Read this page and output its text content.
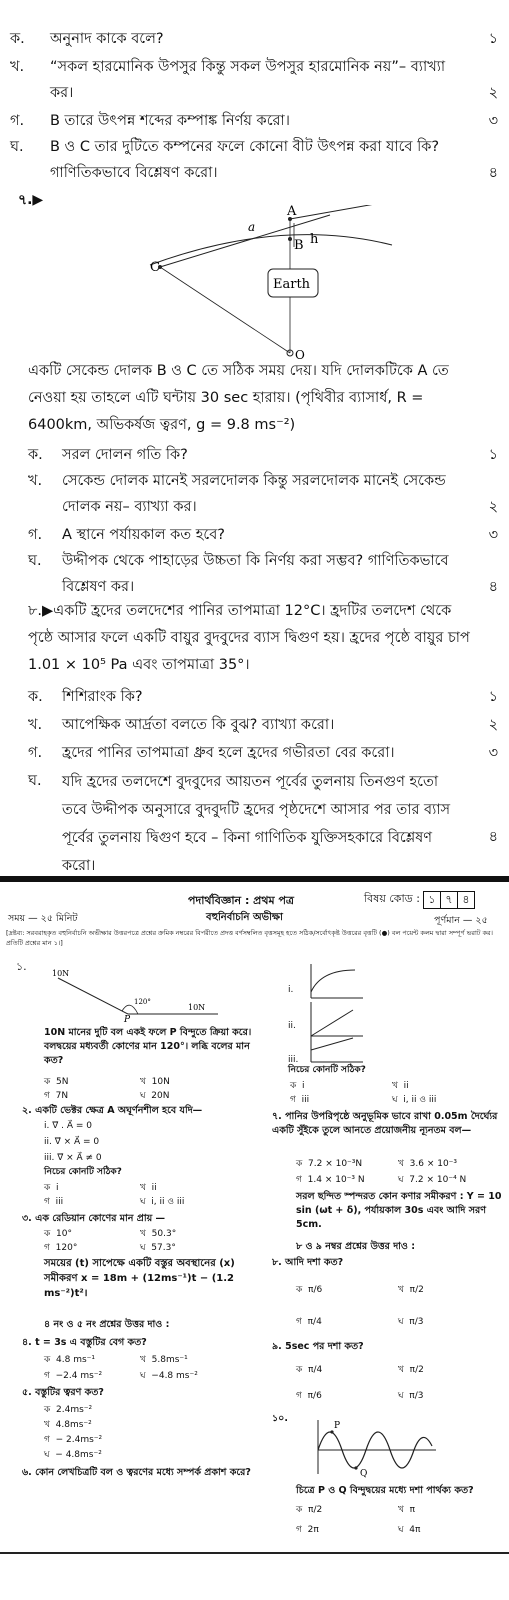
ক.	অনুনাদ কাকে বলে?	১
খ.	“সকল হারমোনিক উপসুর কিন্তু সকল উপসুর হারমোনিক নয়”– ব্যাখ্যা কর।	২
গ.	B তারে উৎপন্ন শব্দের কম্পাঙ্ক নির্ণয় করো।	৩
ঘ.	B ও C তার দুটিতে কম্পনের ফলে কোনো বীট উৎপন্ন করা যাবে কি? গাণিতিকভাবে বিশ্লেষণ করো।	৪
৭.▶
Earth
A
B
C
a
h
O
একটি সেকেন্ড দোলক B ও C তে সঠিক সময় দেয়। যদি দোলকটিকে A তে নেওয়া হয় তাহলে এটি ঘন্টায় 30 sec হারায়। (পৃথিবীর ব্যাসার্ধ, R = 6400km, অভিকর্ষজ ত্বরণ, g = 9.8 ms⁻²)
ক.	সরল দোলন গতি কি?	১
খ.	সেকেন্ড দোলক মানেই সরলদোলক কিন্তু সরলদোলক মানেই সেকেন্ড দোলক নয়– ব্যাখ্যা কর।	২
গ.	A স্থানে পর্যায়কাল কত হবে?	৩
ঘ.	উদ্দীপক থেকে পাহাড়ের উচ্চতা কি নির্ণয় করা সম্ভব? গাণিতিকভাবে বিশ্লেষণ কর।	৪
৮.▶একটি হ্রদের তলদেশের পানির তাপমাত্রা 12°C। হ্রদটির তলদেশ থেকে পৃষ্ঠে আসার ফলে একটি বায়ুর বুদবুদের ব্যাস দ্বিগুণ হয়। হ্রদের পৃষ্ঠে বায়ুর চাপ 1.01 × 10⁵ Pa এবং তাপমাত্রা 35°।
ক.	শিশিরাংক কি?	১
খ.	আপেক্ষিক আর্দ্রতা বলতে কি বুঝ? ব্যাখ্যা করো।	২
গ.	হ্রদের পানির তাপমাত্রা ধ্রুব হলে হ্রদের গভীরতা বের করো।	৩
ঘ.	যদি হ্রদের তলদেশে বুদবুদের আয়তন পূর্বের তুলনায় তিনগুণ হতো তবে উদ্দীপক অনুসারে বুদবুদটি হ্রদের পৃষ্ঠদেশে আসার পর তার ব্যাস পূর্বের তুলনায় দ্বিগুণ হবে – কিনা গাণিতিক যুক্তিসহকারে বিশ্লেষণ করো।
৪
পদার্থবিজ্ঞান : প্রথম পত্র	বিষয় কোড : ১ ৭ ৪
বহুনির্বাচনি অভীক্ষা
সময় — ২৫ মিনিট	পূর্ণমান — ২৫
[দ্রষ্টব্য: সরবরাহকৃত বহুনির্বাচনি অভীক্ষার উত্তরপত্রে প্রশ্নের ক্রমিক নম্বরের বিপরীতে প্রদত্ত বর্ণসম্বলিত বৃত্তসমূহ হতে সঠিক/সর্বোৎকৃষ্ট উত্তরের বৃত্তটি (●) বল পয়েন্ট কলম দ্বারা সম্পূর্ণ ভরাট কর। প্রতিটি প্রশ্নের মান ১।]
১.
10N
10N
120°
P
10N মানের দুটি বল একই ফলে P বিন্দুতে ক্রিয়া করে। বলদ্বয়ের মধ্যবর্তী কোণের মান 120°। লব্ধি বলের মান কত?
ক 5N	খ 10N
গ 7N	ঘ 20N
২. একটি ভেক্টর ক্ষেত্র A অঘূর্ণনশীল হবে যদি—
i. ∇⃗ . A⃗ = 0
ii. ∇⃗ × A⃗ = 0
iii. ∇⃗ × A⃗ ≠ 0
নিচের কোনটি সঠিক?
ক i	খ ii
গ iii	ঘ i, ii ও iii
৩. এক রেডিয়ান কোণের মান প্রায় —
ক 10°	খ 50.3°
গ 120°	ঘ 57.3°
সময়ের (t) সাপেক্ষে একটি বস্তুর অবস্থানের (x) সমীকরণ x = 18m + (12ms⁻¹)t − (1.2 ms⁻²)t²।
৪ নং ও ৫ নং প্রশ্নের উত্তর দাও :
৪. t = 3s এ বস্তুটির বেগ কত?
ক 4.8 ms⁻¹	খ 5.8ms⁻¹
গ −2.4 ms⁻²	ঘ −4.8 ms⁻²
৫. বস্তুটির ত্বরণ কত?
ক 2.4ms⁻²
খ 4.8ms⁻²
গ − 2.4ms⁻²
ঘ − 4.8ms⁻²
৬. কোন লেখচিত্রটি বল ও ত্বরণের মধ্যে সম্পর্ক প্রকাশ করে?
i.
ii.
iii.
নিচের কোনটি সঠিক?
ক i	খ ii
গ iii	ঘ i, ii ও iii
৭. পানির উপরিপৃষ্ঠে অনুভূমিক ভাবে রাখা 0.05m দৈর্ঘ্যের একটি সুঁইকে তুলে আনতে প্রয়োজনীয় ন্যূনতম বল—
ক 7.2 × 10⁻³N	খ 3.6 × 10⁻³
গ 1.4 × 10⁻³ N	ঘ 7.2 × 10⁻⁴ N
সরল ছন্দিত স্পন্দরত কোন কণার সমীকরণ : Y = 10 sin (ωt + δ), পর্যায়কাল 30s এবং আদি সরণ 5cm.
৮ ও ৯ নম্বর প্রশ্নের উত্তর দাও :
৮. আদি দশা কত?
ক π/6	খ π/2
গ π/4	ঘ π/3
৯. 5sec পর দশা কত?
ক π/4	খ π/2
গ π/6	ঘ π/3
১০.
P
Q
চিত্রে P ও Q বিন্দুদ্বয়ের মধ্যে দশা পার্থক্য কত?
ক π/2	খ π
গ 2π	ঘ 4π
